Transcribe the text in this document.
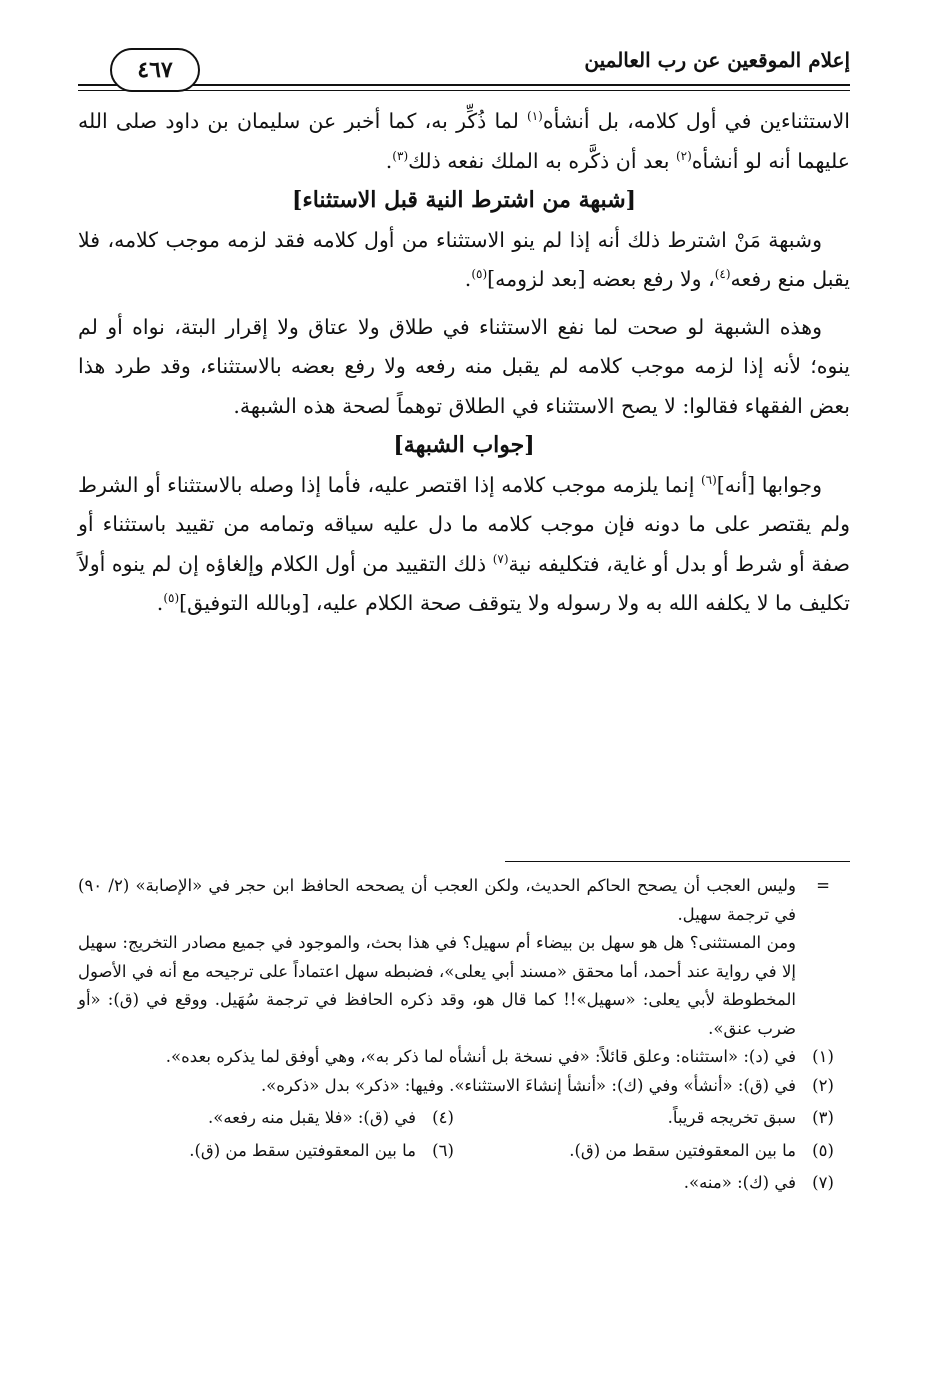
إعلام الموقعين عن رب العالمين
٤٦٧

الاستثناءين في أول كلامه، بل أنشأه$^{(١)}$ لما ذُكِّر به، كما أخبر عن سليمان بن داود صلى الله عليهما أنه لو أنشأه$^{(٢)}$ بعد أن ذكَّره به الملك نفعه ذلك$^{(٣)}$.

[شبهة من اشترط النية قبل الاستثناء]

وشبهة مَنْ اشترط ذلك أنه إذا لم ينو الاستثناء من أول كلامه فقد لزمه موجب كلامه، فلا يقبل منع رفعه$^{(٤)}$، ولا رفع بعضه [بعد لزومه]$^{(٥)}$.

وهذه الشبهة لو صحت لما نفع الاستثناء في طلاق ولا عتاق ولا إقرار البتة، نواه أو لم ينوه؛ لأنه إذا لزمه موجب كلامه لم يقبل منه رفعه ولا رفع بعضه بالاستثناء، وقد طرد هذا بعض الفقهاء فقالوا: لا يصح الاستثناء في الطلاق توهماً لصحة هذه الشبهة.

[جواب الشبهة]

وجوابها [أنه]$^{(٦)}$ إنما يلزمه موجب كلامه إذا اقتصر عليه، فأما إذا وصله بالاستثناء أو الشرط ولم يقتصر على ما دونه فإن موجب كلامه ما دل عليه سياقه وتمامه من تقييد باستثناء أو صفة أو شرط أو بدل أو غاية، فتكليفه نية$^{(٧)}$ ذلك التقييد من أول الكلام وإلغاؤه إن لم ينوه أولاً تكليف ما لا يكلفه الله به ولا رسوله ولا يتوقف صحة الكلام عليه، [وبالله التوفيق]$^{(٥)}$.

=

وليس العجب أن يصحح الحاكم الحديث، ولكن العجب أن يصححه الحافظ ابن حجر في «الإصابة» (٢/ ٩٠) في ترجمة سهيل.

ومن المستثنى؟ هل هو سهل بن بيضاء أم سهيل؟ في هذا بحث، والموجود في جميع مصادر التخريج: سهيل إلا في رواية عند أحمد، أما محقق «مسند أبي يعلى»، فضبطه سهل اعتماداً على ترجيحه مع أنه في الأصول المخطوطة لأبي يعلى: «سهيل»!! كما قال هو، وقد ذكره الحافظ في ترجمة سُهَيل. ووقع في (ق): «أو ضرب عنق».

(١)
في (د): «استثناه: وعلق قائلاً: «في نسخة بل أنشأه لما ذكر به»، وهي أوفق لما يذكره بعده».
(٢)
في (ق): «أنشأ» وفي (ك): «أنشأ إنشاءَ الاستثناء». وفيها: «ذكر» بدل «ذكره».
(٣)
سبق تخريجه قريباً.
(٤)
في (ق): «فلا يقبل منه رفعه».
(٥)
ما بين المعقوفتين سقط من (ق).
(٦)
ما بين المعقوفتين سقط من (ق).
(٧)
في (ك): «منه».
